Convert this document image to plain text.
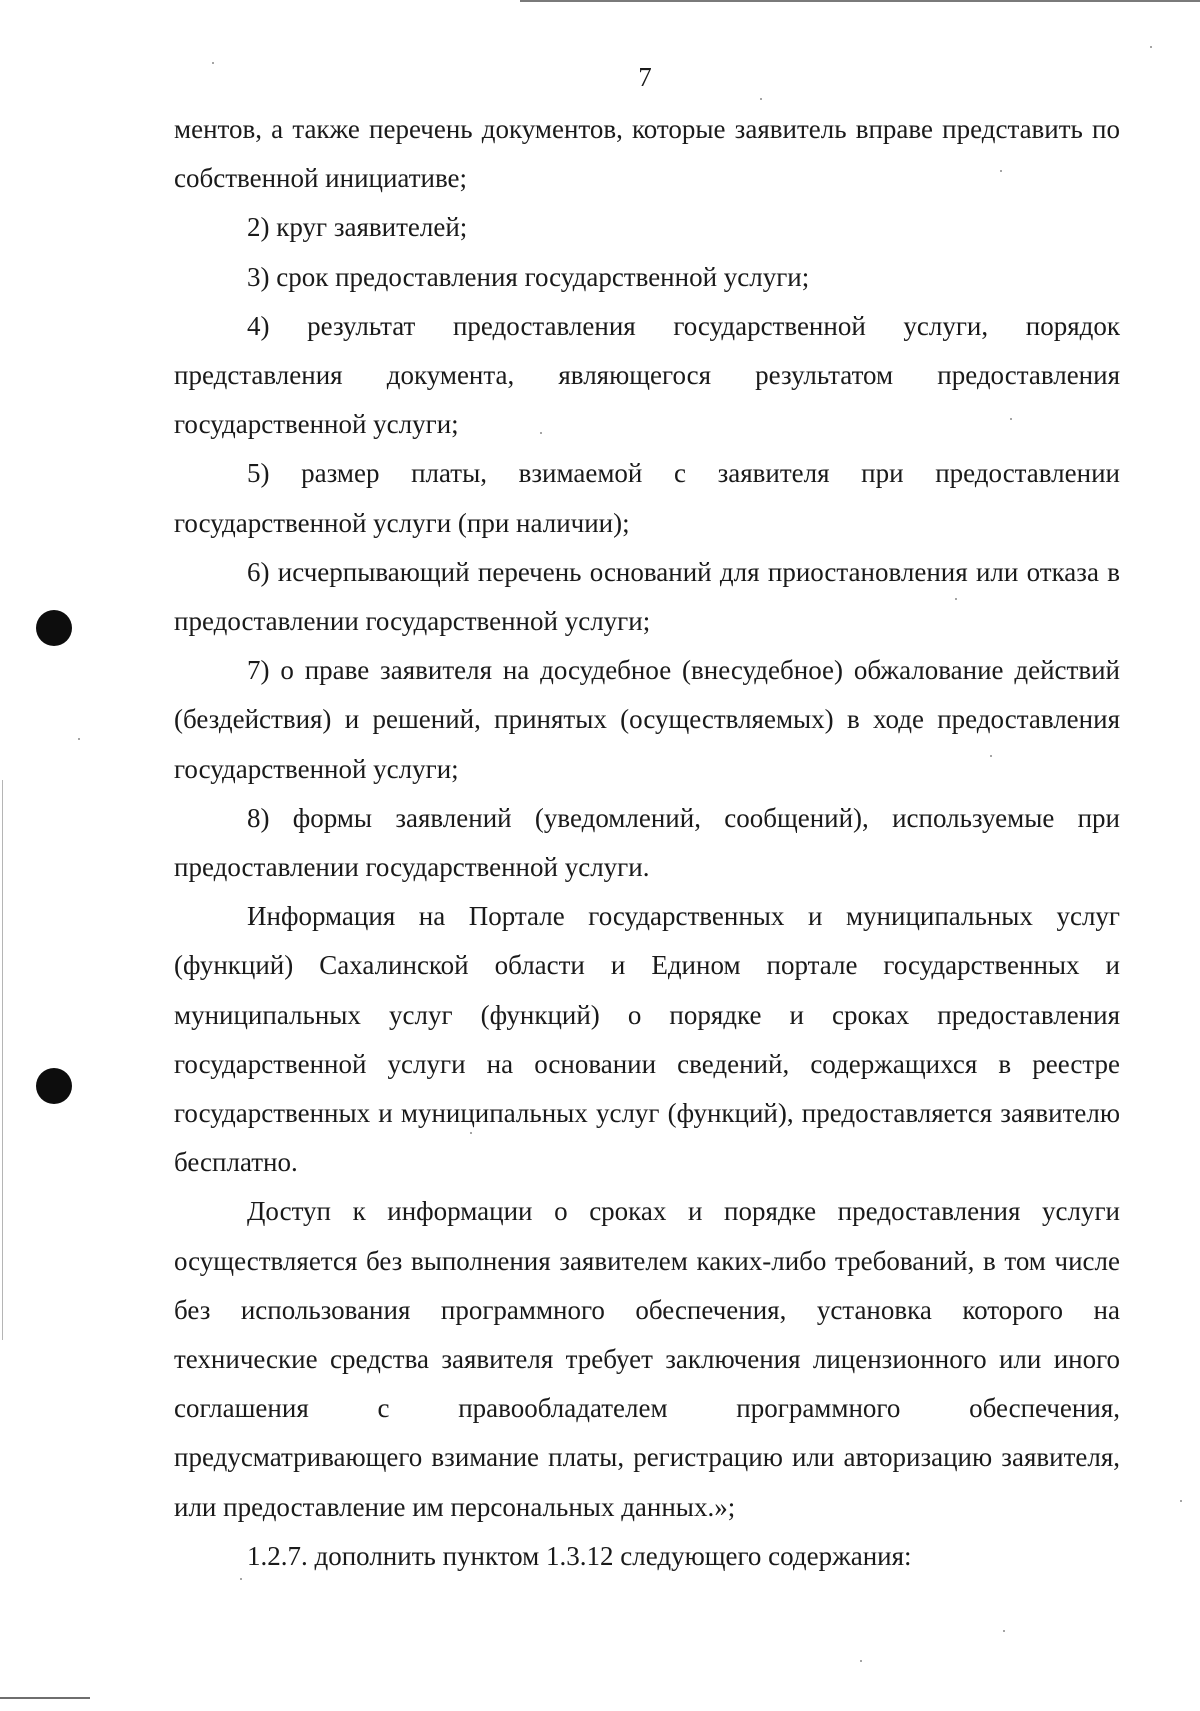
7

ментов, а также перечень документов, которые заявитель вправе представить по собственной инициативе;

2) круг заявителей;

3) срок предоставления государственной услуги;

4) результат предоставления государственной услуги, порядок представления документа, являющегося результатом предоставления государственной услуги;

5) размер платы, взимаемой с заявителя при предоставлении государственной услуги (при наличии);

6) исчерпывающий перечень оснований для приостановления или отказа в предоставлении государственной услуги;

7) о праве заявителя на досудебное (внесудебное) обжалование действий (бездействия) и решений, принятых (осуществляемых) в ходе предоставления государственной услуги;

8) формы заявлений (уведомлений, сообщений), используемые при предоставлении государственной услуги.

Информация на Портале государственных и муниципальных услуг (функций) Сахалинской области и Едином портале государственных и муниципальных услуг (функций) о порядке и сроках предоставления государственной услуги на основании сведений, содержащихся в реестре государственных и муниципальных услуг (функций), предоставляется заявителю бесплатно.

Доступ к информации о сроках и порядке предоставления услуги осуществляется без выполнения заявителем каких-либо требований, в том числе без использования программного обеспечения, установка которого на технические средства заявителя требует заключения лицензионного или иного соглашения с правообладателем программного обеспечения, предусматривающего взимание платы, регистрацию или авторизацию заявителя, или предоставление им персональных данных.»;

1.2.7. дополнить пунктом 1.3.12 следующего содержания:
